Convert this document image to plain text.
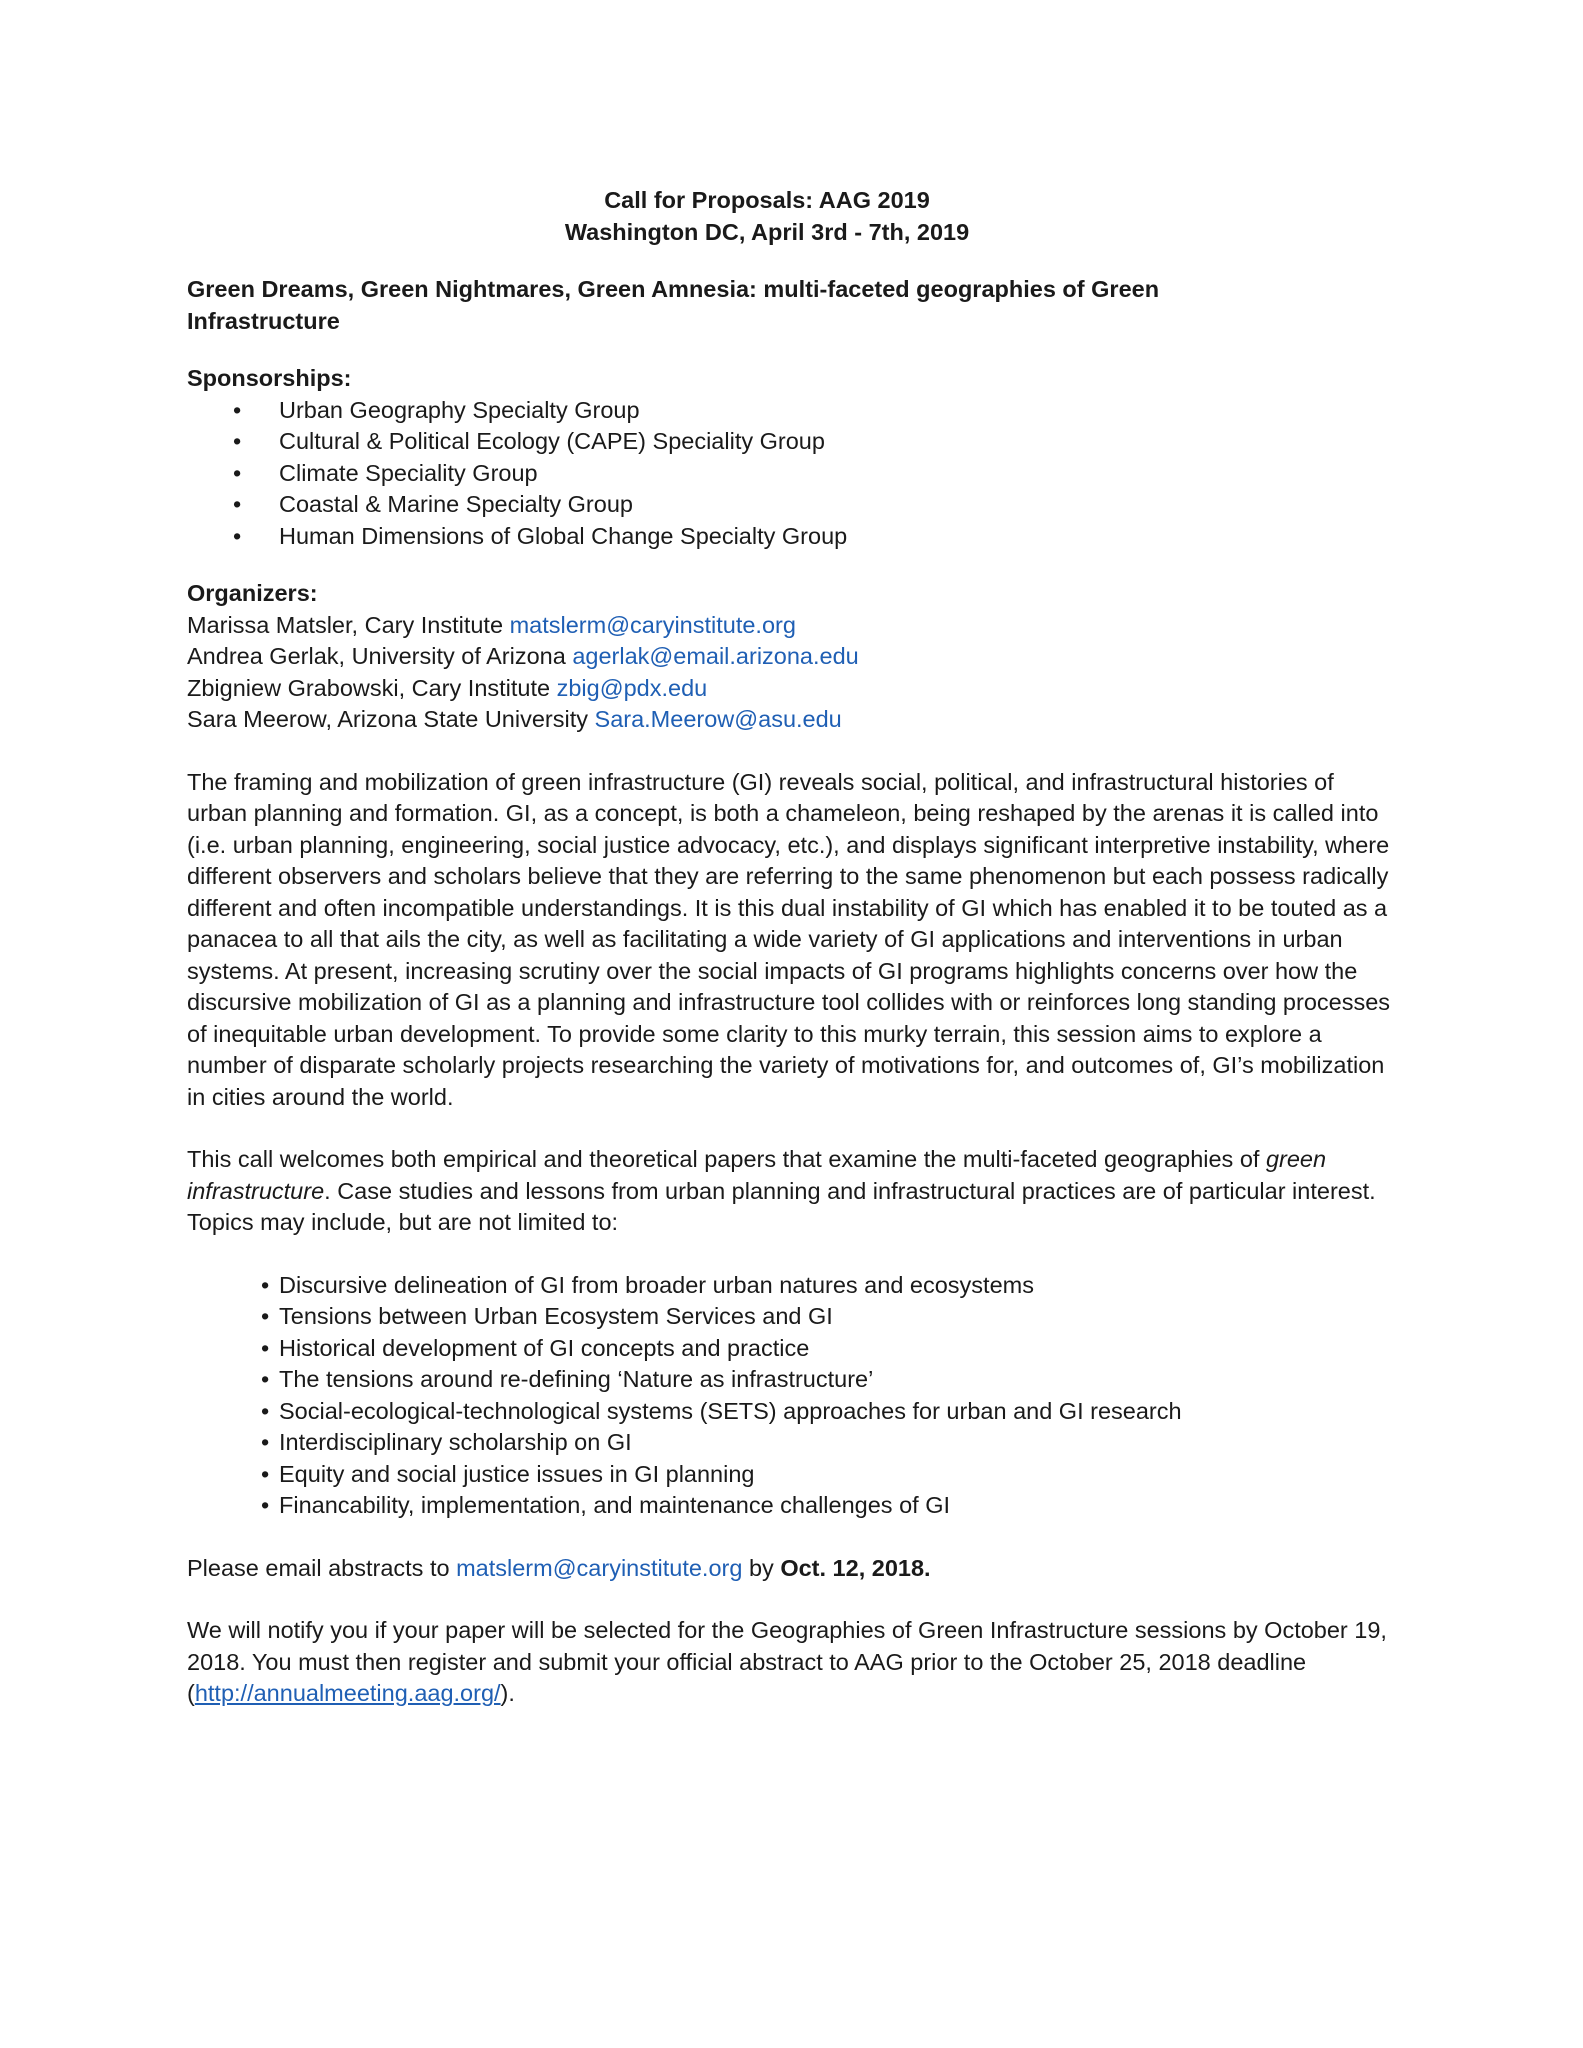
Call for Proposals: AAG 2019
Washington DC, April 3rd - 7th, 2019
Green Dreams, Green Nightmares, Green Amnesia: multi-faceted geographies of Green Infrastructure
Sponsorships:
• Urban Geography Specialty Group
• Cultural & Political Ecology (CAPE) Speciality Group
• Climate Speciality Group
• Coastal & Marine Specialty Group
• Human Dimensions of Global Change Specialty Group
Organizers:
Marissa Matsler, Cary Institute matslerm@caryinstitute.org
Andrea Gerlak, University of Arizona agerlak@email.arizona.edu
Zbigniew Grabowski, Cary Institute zbig@pdx.edu
Sara Meerow, Arizona State University Sara.Meerow@asu.edu
The framing and mobilization of green infrastructure (GI) reveals social, political, and infrastructural histories of urban planning and formation. GI, as a concept, is both a chameleon, being reshaped by the arenas it is called into (i.e. urban planning, engineering, social justice advocacy, etc.), and displays significant interpretive instability, where different observers and scholars believe that they are referring to the same phenomenon but each possess radically different and often incompatible understandings. It is this dual instability of GI which has enabled it to be touted as a panacea to all that ails the city, as well as facilitating a wide variety of GI applications and interventions in urban systems. At present, increasing scrutiny over the social impacts of GI programs highlights concerns over how the discursive mobilization of GI as a planning and infrastructure tool collides with or reinforces long standing processes of inequitable urban development. To provide some clarity to this murky terrain, this session aims to explore a number of disparate scholarly projects researching the variety of motivations for, and outcomes of, GI’s mobilization in cities around the world.
This call welcomes both empirical and theoretical papers that examine the multi-faceted geographies of green infrastructure. Case studies and lessons from urban planning and infrastructural practices are of particular interest. Topics may include, but are not limited to:
• Discursive delineation of GI from broader urban natures and ecosystems
• Tensions between Urban Ecosystem Services and GI
• Historical development of GI concepts and practice
• The tensions around re-defining ‘Nature as infrastructure’
• Social-ecological-technological systems (SETS) approaches for urban and GI research
• Interdisciplinary scholarship on GI
• Equity and social justice issues in GI planning
• Financability, implementation, and maintenance challenges of GI
Please email abstracts to matslerm@caryinstitute.org by Oct. 12, 2018.
We will notify you if your paper will be selected for the Geographies of Green Infrastructure sessions by October 19, 2018. You must then register and submit your official abstract to AAG prior to the October 25, 2018 deadline (http://annualmeeting.aag.org/).
